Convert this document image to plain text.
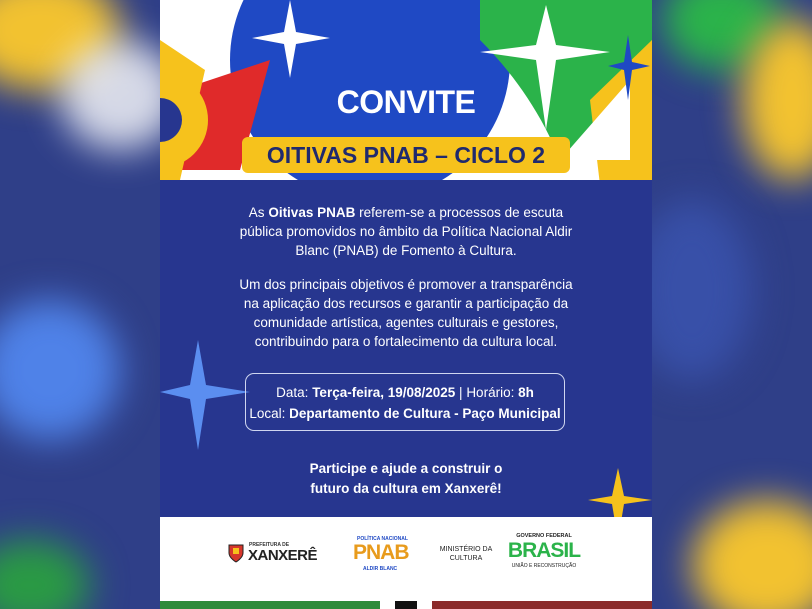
CONVITE
OITIVAS PNAB – CICLO 2
As Oitivas PNAB referem-se a processos de escuta
pública promovidos no âmbito da Política Nacional Aldir
Blanc (PNAB) de Fomento à Cultura.
Um dos principais objetivos é promover a transparência
na aplicação dos recursos e garantir a participação da
comunidade artística, agentes culturais e gestores,
contribuindo para o fortalecimento da cultura local.
Data: Terça-feira, 19/08/2025 | Horário: 8h
Local: Departamento de Cultura - Paço Municipal
Participe e ajude a construir o
futuro da cultura em Xanxerê!
PREFEITURA DE
XANXERÊ
POLÍTICA NACIONAL
PNAB
ALDIR BLANC
MINISTÉRIO DA
CULTURA
GOVERNO FEDERAL
BRASIL
UNIÃO E RECONSTRUÇÃO
